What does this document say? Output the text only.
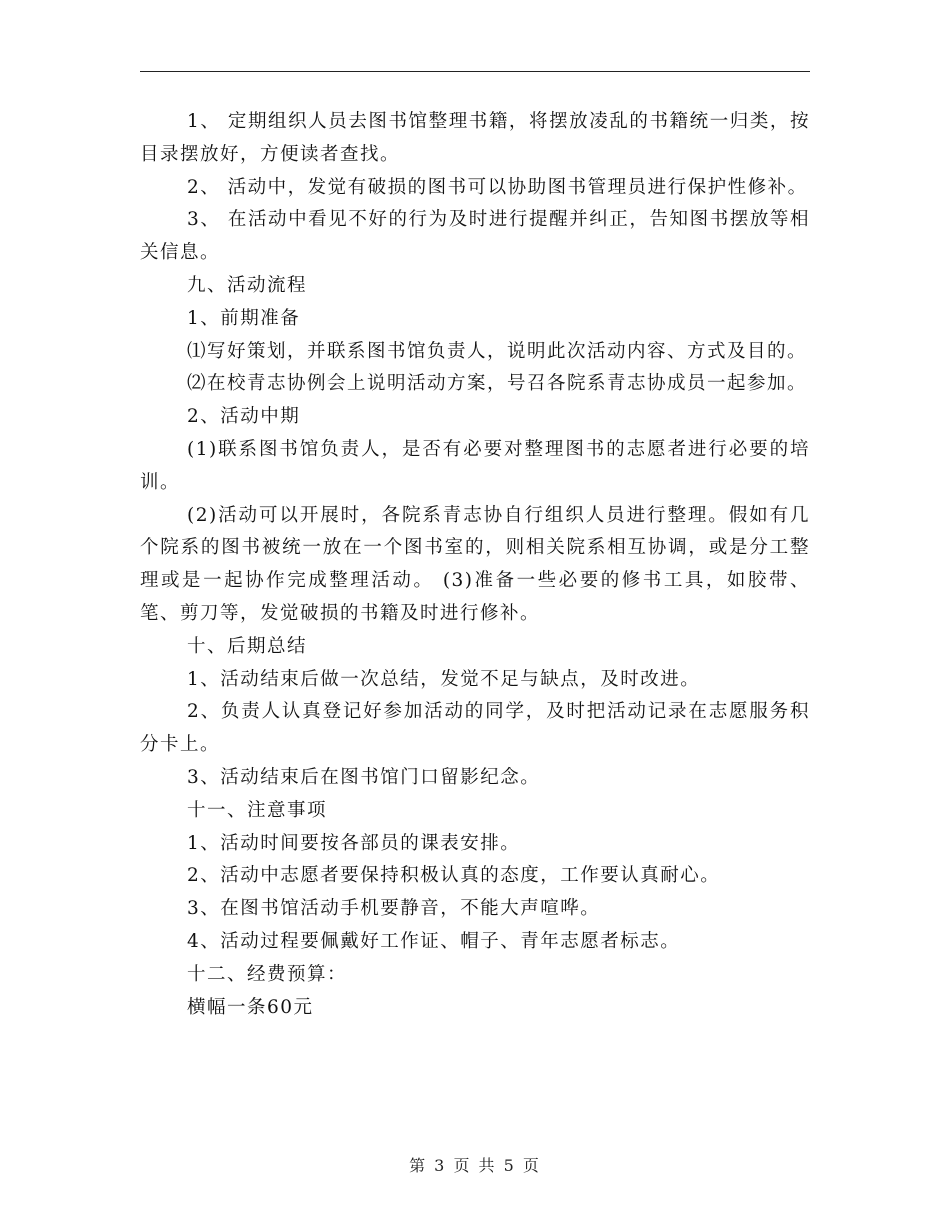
1、 定期组织人员去图书馆整理书籍，将摆放凌乱的书籍统一归类，按目录摆放好，方便读者查找。

2、 活动中，发觉有破损的图书可以协助图书管理员进行保护性修补。

3、 在活动中看见不好的行为及时进行提醒并纠正，告知图书摆放等相关信息。

九、活动流程

1、前期准备

⑴写好策划，并联系图书馆负责人，说明此次活动内容、方式及目的。

⑵在校青志协例会上说明活动方案，号召各院系青志协成员一起参加。

2、活动中期

(1)联系图书馆负责人，是否有必要对整理图书的志愿者进行必要的培训。

(2)活动可以开展时，各院系青志协自行组织人员进行整理。假如有几个院系的图书被统一放在一个图书室的，则相关院系相互协调，或是分工整理或是一起协作完成整理活动。 (3)准备一些必要的修书工具，如胶带、笔、剪刀等，发觉破损的书籍及时进行修补。

十、后期总结

1、活动结束后做一次总结，发觉不足与缺点，及时改进。

2、负责人认真登记好参加活动的同学，及时把活动记录在志愿服务积分卡上。

3、活动结束后在图书馆门口留影纪念。

十一、注意事项

1、活动时间要按各部员的课表安排。

2、活动中志愿者要保持积极认真的态度，工作要认真耐心。

3、在图书馆活动手机要静音，不能大声喧哗。

4、活动过程要佩戴好工作证、帽子、青年志愿者标志。

十二、经费预算：

横幅一条60元

第 3 页 共 5 页
